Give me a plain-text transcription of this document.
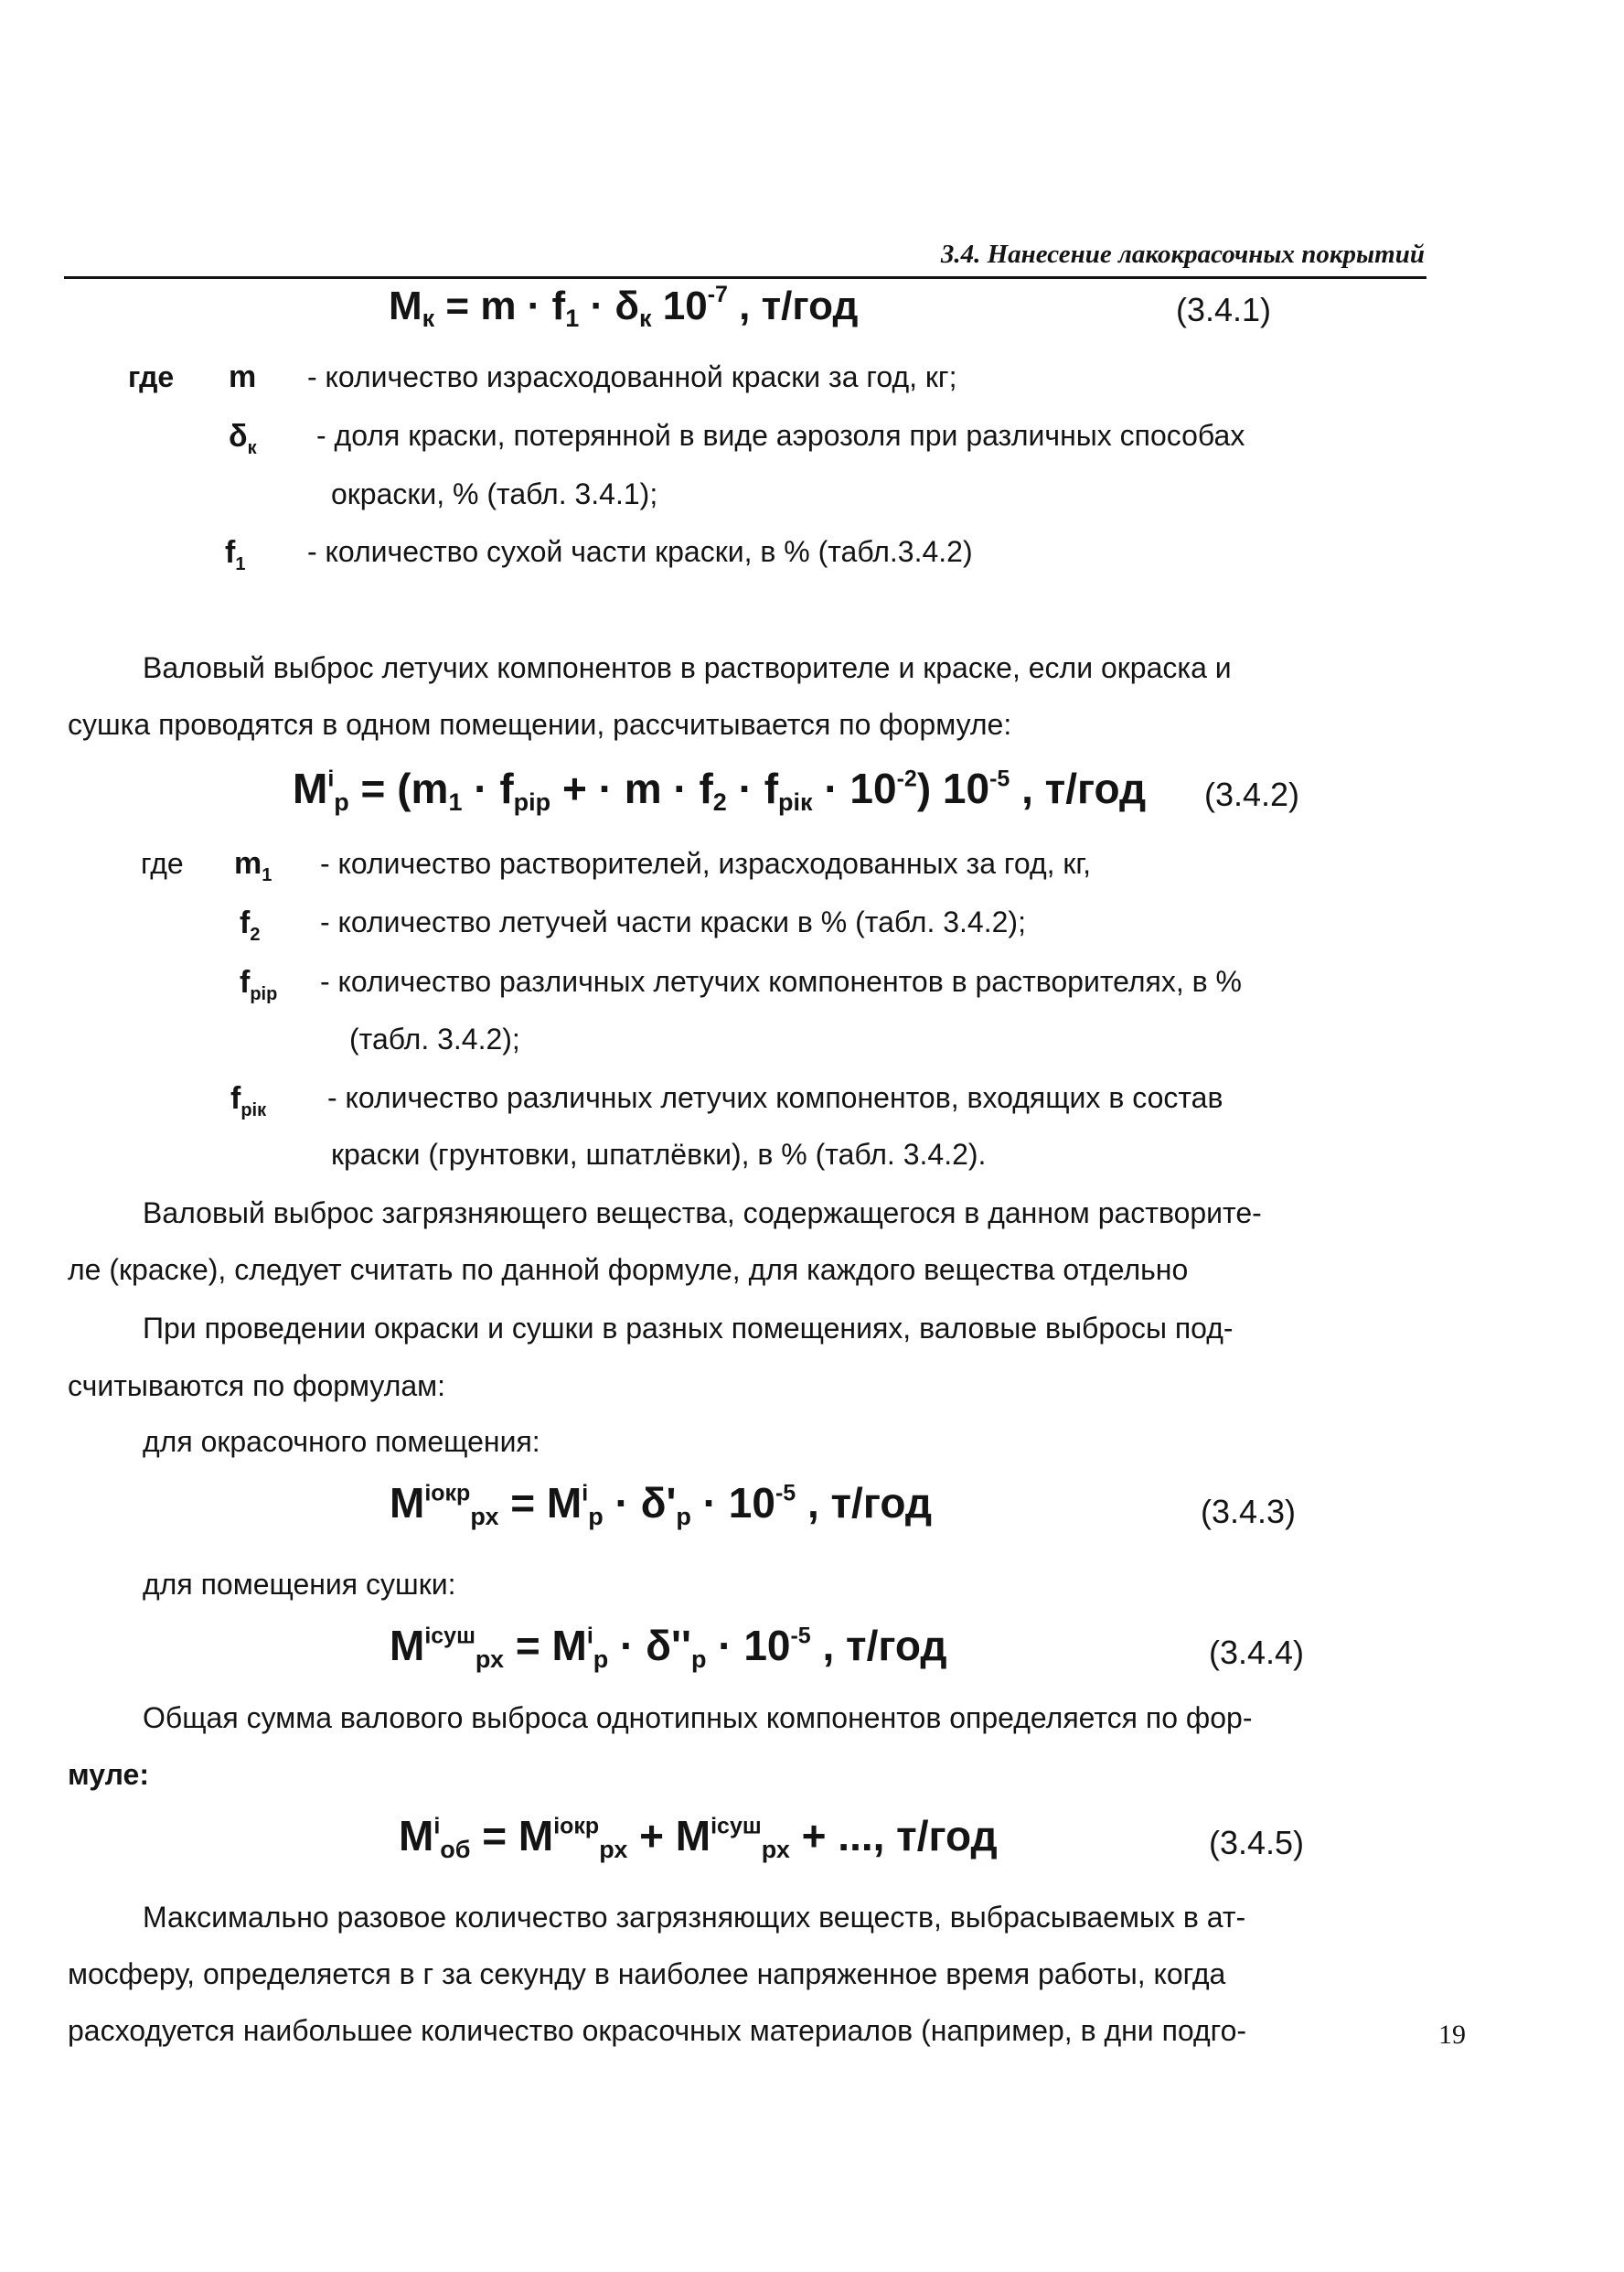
3.4. Нанесение лакокрасочных покрытий
$M_к = m \cdot f_1 \cdot \delta_к$ $10^{-7}$ , т/год	(3.4.1)
где m - количество израсходованной краски за год, кг;
$\delta_к$ - доля краски, потерянной в виде аэрозоля при различных способах
окраски, % (табл. 3.4.1);
$f_1$ - количество сухой части краски, в % (табл.3.4.2)
Валовый выброс летучих компонентов в растворителе и краске, если окраска и
сушка проводятся в одном помещении, рассчитывается по формуле:
$M^i_р = (m_1 \cdot f_{piр}$ + · $m \cdot f_2 \cdot f_{piк} \cdot 10^{-2}$) $10^{-5}$ , т/год (3.4.2)
где $m_1$ - количество растворителей, израсходованных за год, кг,
$f_2$ - количество летучей части краски в % (табл. 3.4.2);
$f_{piр}$ - количество различных летучих компонентов в растворителях, в %
(табл. 3.4.2);
$f_{piк}$ - количество различных летучих компонентов, входящих в состав
краски (грунтовки, шпатлёвки), в % (табл. 3.4.2).
Валовый выброс загрязняющего вещества, содержащегося в данном растворите-
ле (краске), следует считать по данной формуле, для каждого вещества отдельно
При проведении окраски и сушки в разных помещениях, валовые выбросы под-
считываются по формулам:
для окрасочного помещения:
$M^{iокр}_{рх} = M^i_р \cdot \delta'_р \cdot 10^{-5}$ , т/год	(3.4.3)
для помещения сушки:
$M^{iсуш}_{рх} = M^i_р \cdot \delta''_р \cdot 10^{-5}$ , т/год	(3.4.4)
Общая сумма валового выброса однотипных компонентов определяется по фор-
муле:
$M^i_{об} = M^{iокр}_{рх} + M^{iсуш}_{рх}$ + ..., т/год	(3.4.5)
Максимально разовое количество загрязняющих веществ, выбрасываемых в ат-
мосферу, определяется в г за секунду в наиболее напряженное время работы, когда
расходуется наибольшее количество окрасочных материалов (например, в дни подго-	19
